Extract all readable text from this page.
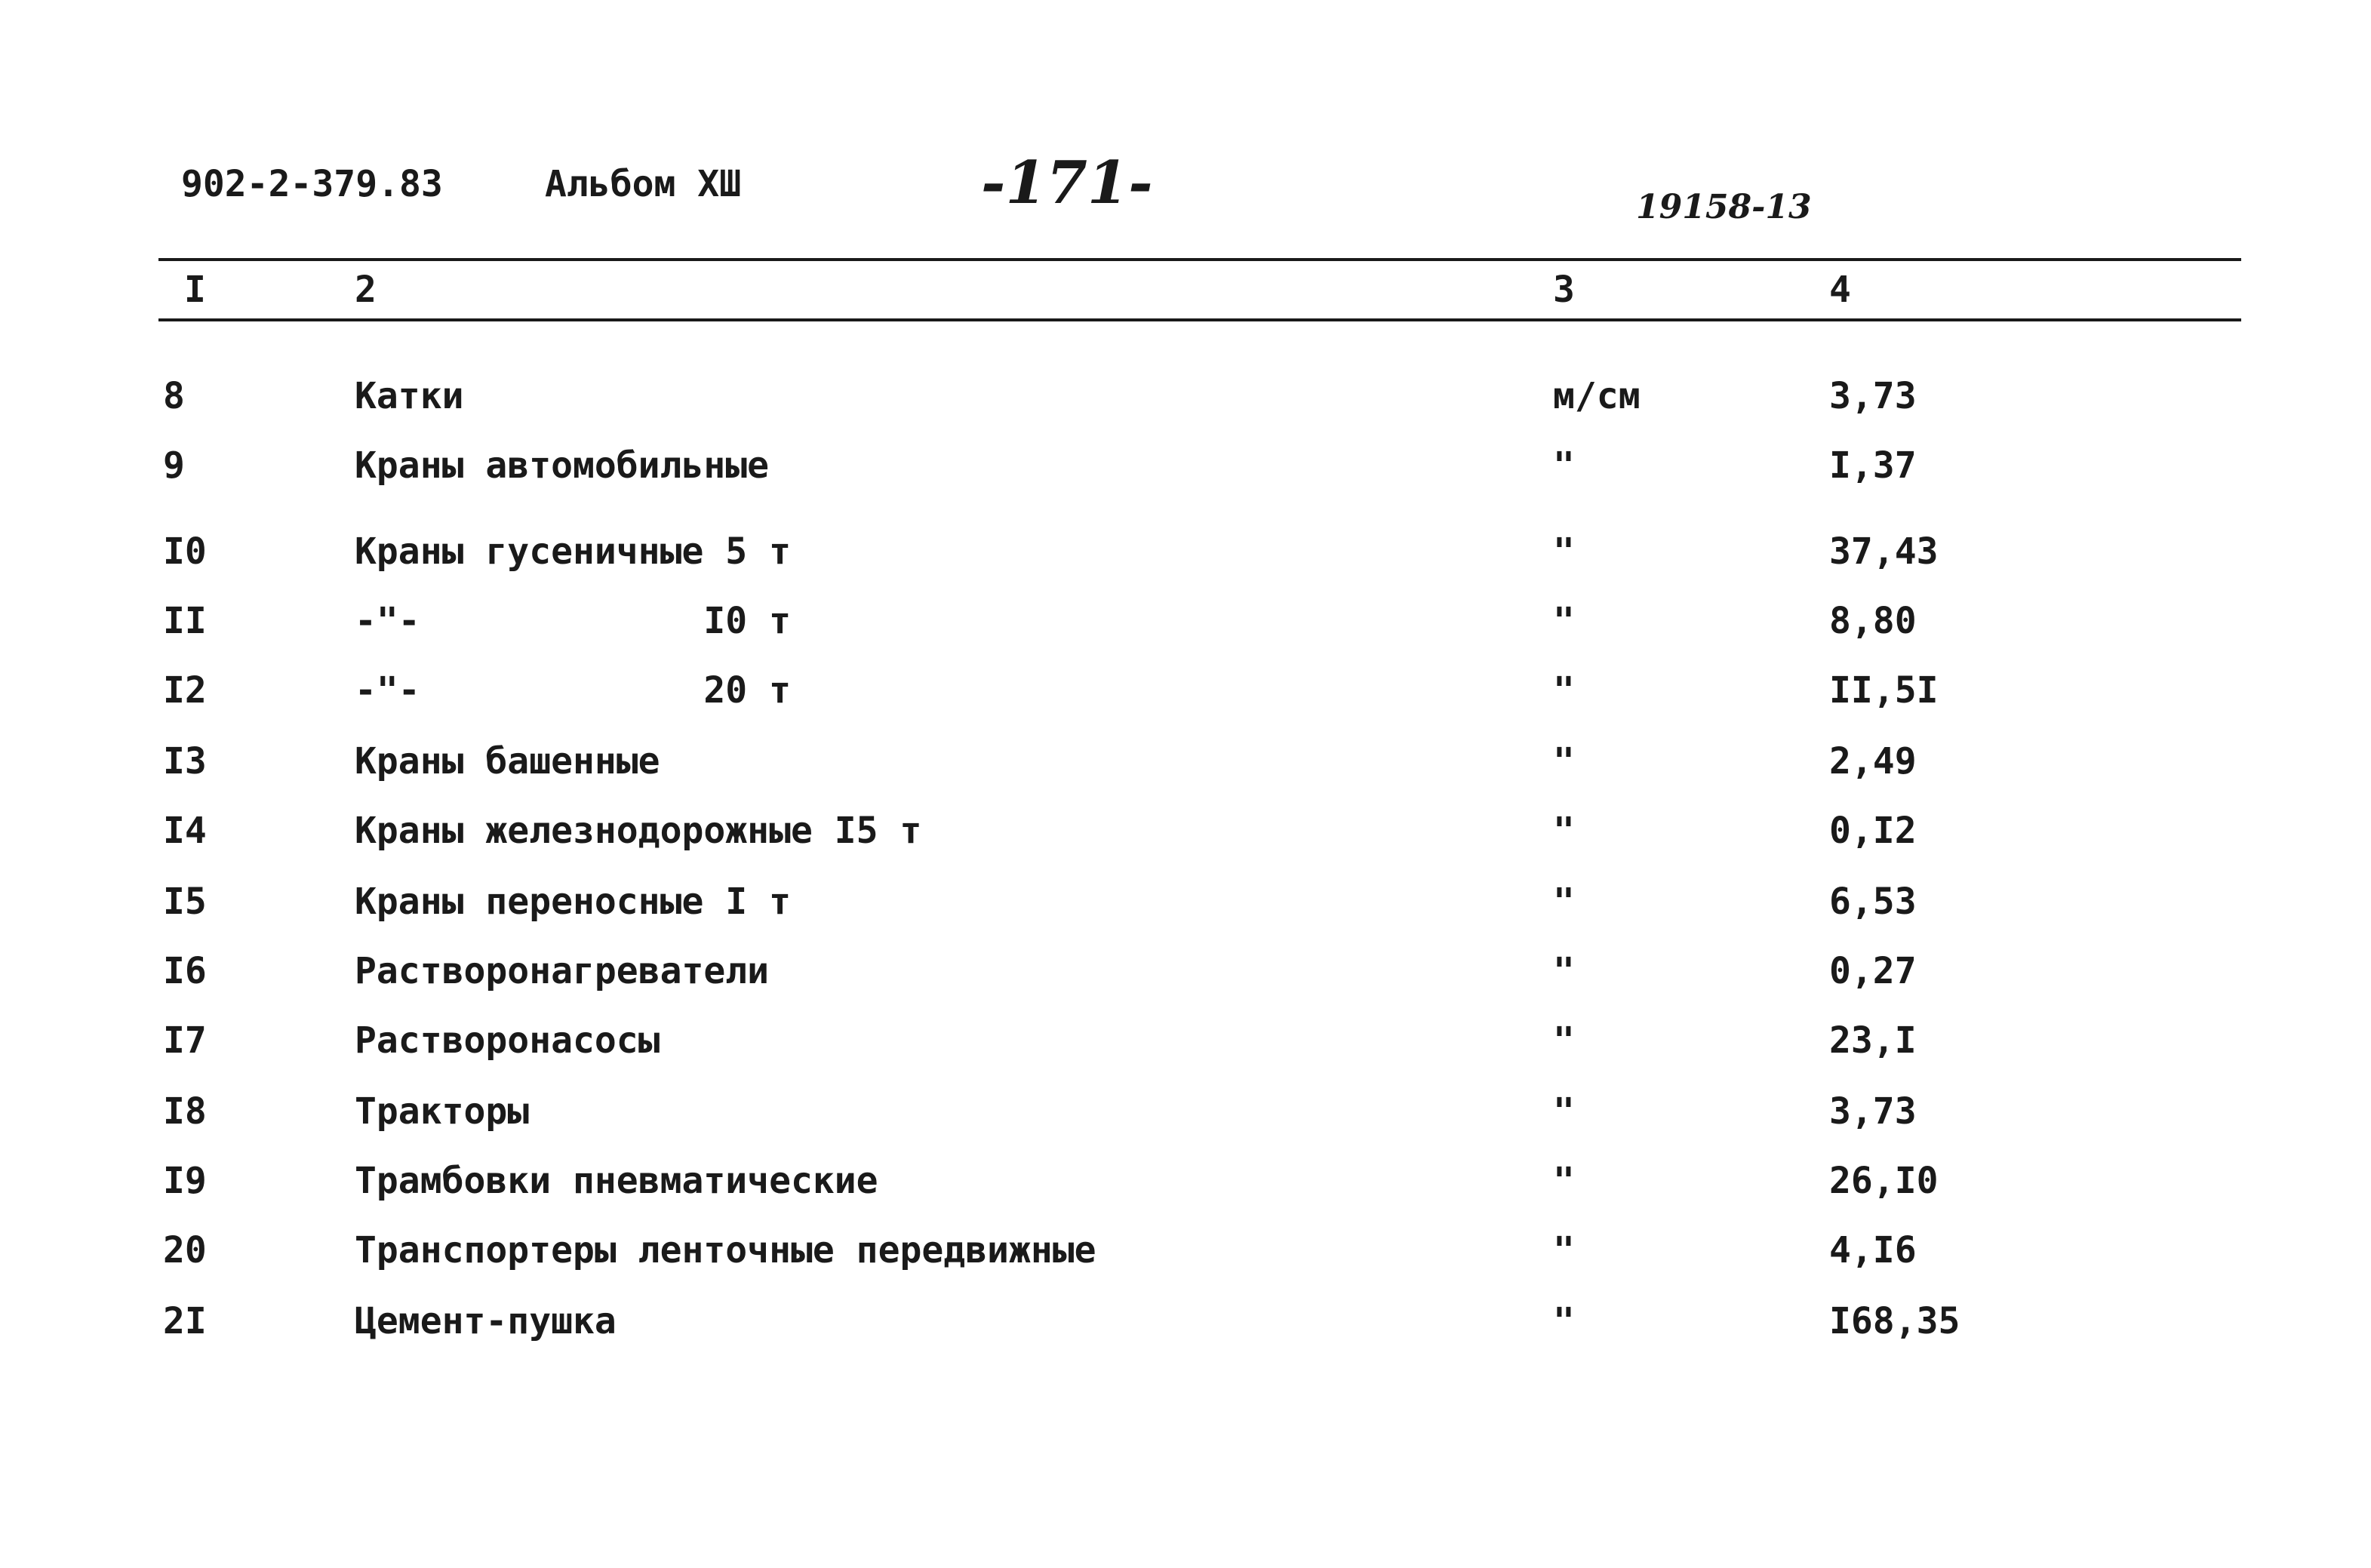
902-2-379.83	Альбом XШ	-171-	19158-13
I	2	3	4
8	Катки	м/см	3,73
9	Краны автомобильные	"	I,37
I0	Краны гусеничные 5 т	"	37,43
II	-"-             I0 т	"	8,80
I2	-"-             20 т	"	II,5I
I3	Краны башенные	"	2,49
I4	Краны железнодорожные I5 т	"	0,I2
I5	Краны переносные I т	"	6,53
I6	Растворонагреватели	"	0,27
I7	Растворонасосы	"	23,I
I8	Тракторы	"	3,73
I9	Трамбовки пневматические	"	26,I0
20	Транспортеры ленточные передвижные	"	4,I6
2I	Цемент-пушка	"	I68,35
